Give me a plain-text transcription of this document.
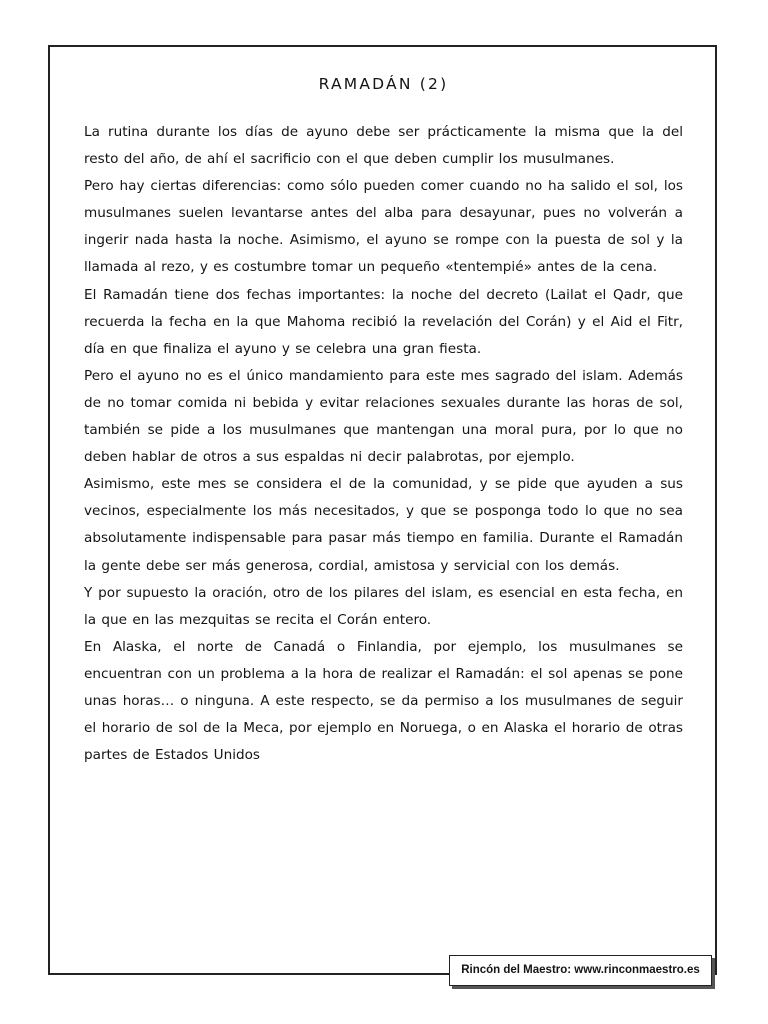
RAMADÁN (2)

La rutina durante los días de ayuno debe ser prácticamente la misma que la del resto del año, de ahí el sacrificio con el que deben cumplir los musulmanes.

Pero hay ciertas diferencias: como sólo pueden comer cuando no ha salido el sol, los musulmanes suelen levantarse antes del alba para desayunar, pues no volverán a ingerir nada hasta la noche. Asimismo, el ayuno se rompe con la puesta de sol y la llamada al rezo, y es costumbre tomar un pequeño «tentempié» antes de la cena.

El Ramadán tiene dos fechas importantes: la noche del decreto (Lailat el Qadr, que recuerda la fecha en la que Mahoma recibió la revelación del Corán) y el Aid el Fitr, día en que finaliza el ayuno y se celebra una gran fiesta.

Pero el ayuno no es el único mandamiento para este mes sagrado del islam. Además de no tomar comida ni bebida y evitar relaciones sexuales durante las horas de sol, también se pide a los musulmanes que mantengan una moral pura, por lo que no deben hablar de otros a sus espaldas ni decir palabrotas, por ejemplo.

Asimismo, este mes se considera el de la comunidad, y se pide que ayuden a sus vecinos, especialmente los más necesitados, y que se posponga todo lo que no sea absolutamente indispensable para pasar más tiempo en familia. Durante el Ramadán la gente debe ser más generosa, cordial, amistosa y servicial con los demás.

Y por supuesto la oración, otro de los pilares del islam, es esencial en esta fecha, en la que en las mezquitas se recita el Corán entero.

En Alaska, el norte de Canadá o Finlandia, por ejemplo, los musulmanes se encuentran con un problema a la hora de realizar el Ramadán: el sol apenas se pone unas horas… o ninguna. A este respecto, se da permiso a los musulmanes de seguir el horario de sol de la Meca, por ejemplo en Noruega, o en Alaska el horario de otras partes de Estados Unidos

Rincón del Maestro: www.rinconmaestro.es
